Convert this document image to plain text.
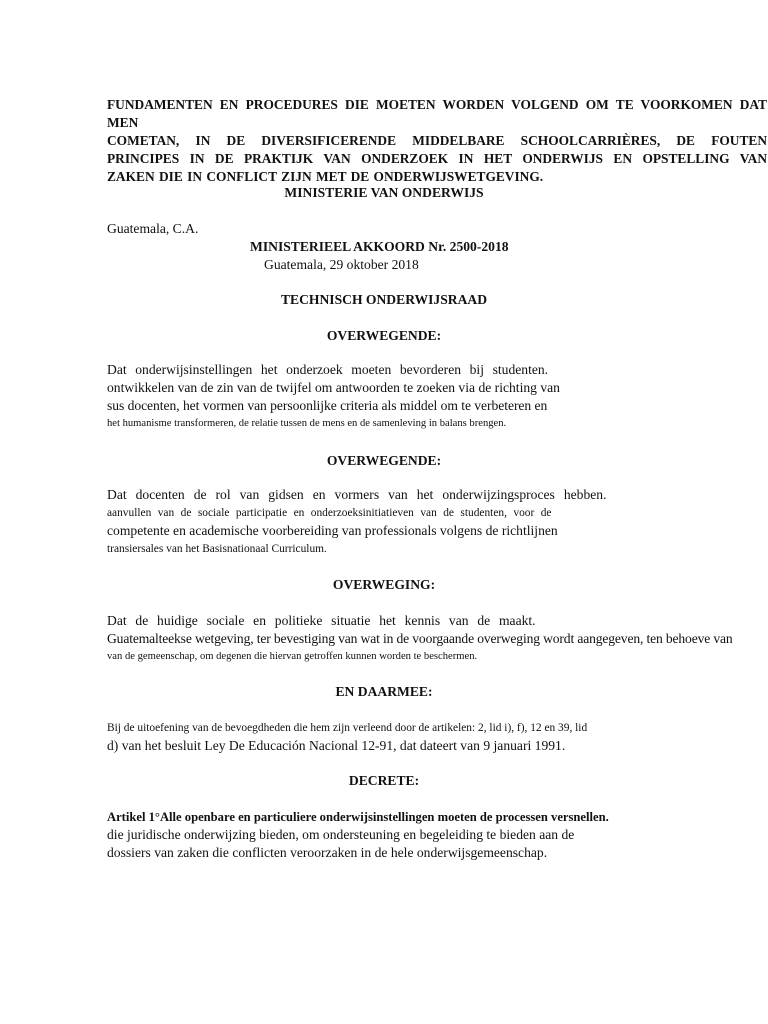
FUNDAMENTEN EN PROCEDURES DIE MOETEN WORDEN VOLGEND OM TE VOORKOMEN DAT MEN
COMETAN, IN DE DIVERSIFICERENDE MIDDELBARE SCHOOLCARRIÈRES, DE FOUTEN
PRINCIPES IN DE PRAKTIJK VAN ONDERZOEK IN HET ONDERWIJS EN OPSTELLING VAN
ZAKEN DIE IN CONFLICT ZIJN MET DE ONDERWIJSWETGEVING.
MINISTERIE VAN ONDERWIJS
Guatemala, C.A.
MINISTERIEEL AKKOORD Nr. 2500-2018
Guatemala, 29 oktober 2018
TECHNISCH ONDERWIJSRAAD
OVERWEGENDE:
Dat onderwijsinstellingen het onderzoek moeten bevorderen bij studenten.
ontwikkelen van de zin van de twijfel om antwoorden te zoeken via de richting van
sus docenten, het vormen van persoonlijke criteria als middel om te verbeteren en
het humanisme transformeren, de relatie tussen de mens en de samenleving in balans brengen.
OVERWEGENDE:
Dat docenten de rol van gidsen en vormers van het onderwijzingsproces hebben.
aanvullen van de sociale participatie en onderzoeksinitiatieven van de studenten, voor de
competente en academische voorbereiding van professionals volgens de richtlijnen
transiersales van het Basisnationaal Curriculum.
OVERWEGING:
Dat de huidige sociale en politieke situatie het kennis van de maakt.
Guatemalteekse wetgeving, ter bevestiging van wat in de voorgaande overweging wordt aangegeven, ten behoeve van
van de gemeenschap, om degenen die hiervan getroffen kunnen worden te beschermen.
EN DAARMEE:
Bij de uitoefening van de bevoegdheden die hem zijn verleend door de artikelen: 2, lid i), f), 12 en 39, lid
d) van het besluit Ley De Educación Nacional 12-91, dat dateert van 9 januari 1991.
DECRETE:
Artikel 1°Alle openbare en particuliere onderwijsinstellingen moeten de processen versnellen.
die juridische onderwijzing bieden, om ondersteuning en begeleiding te bieden aan de
dossiers van zaken die conflicten veroorzaken in de hele onderwijsgemeenschap.
